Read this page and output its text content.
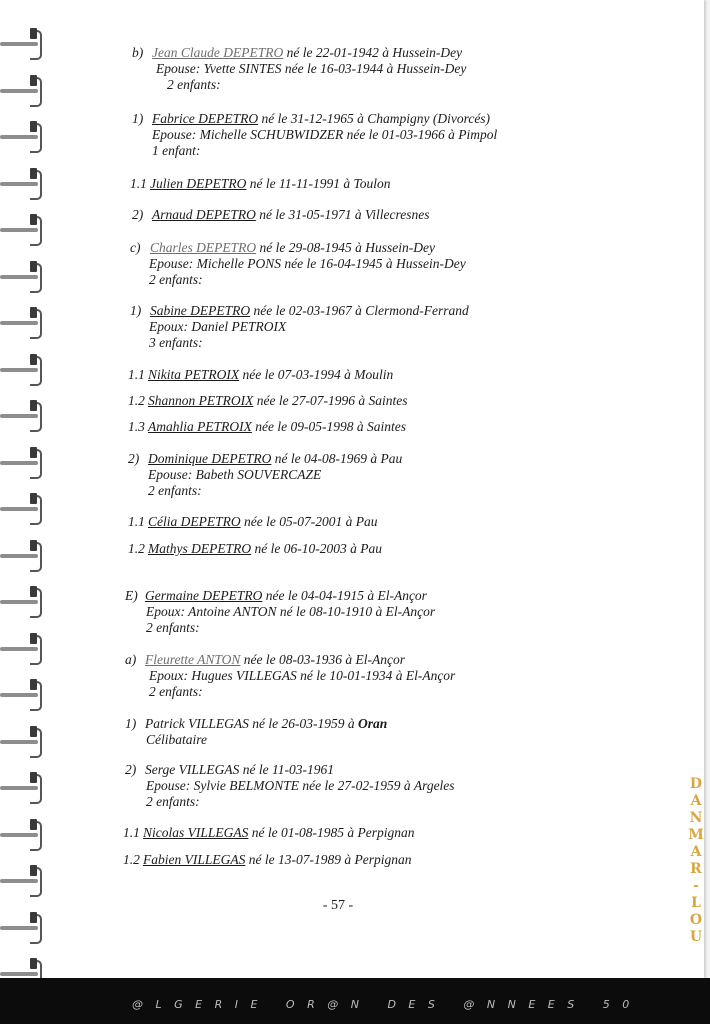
b) Jean Claude DEPETRO né le 22-01-1942 à Hussein-Dey
Epouse: Yvette SINTES née le 16-03-1944 à Hussein-Dey
2 enfants:
1) Fabrice DEPETRO né le 31-12-1965 à Champigny (Divorcés)
Epouse: Michelle SCHUBWIDZER née le 01-03-1966 à Pimpol
1 enfant:
1.1 Julien DEPETRO né le 11-11-1991 à Toulon
2) Arnaud DEPETRO né le 31-05-1971 à Villecresnes
c) Charles DEPETRO né le 29-08-1945 à Hussein-Dey
Epouse: Michelle PONS née le 16-04-1945 à Hussein-Dey
2 enfants:
1) Sabine DEPETRO née le 02-03-1967 à Clermond-Ferrand
Epoux: Daniel PETROIX
3 enfants:
1.1 Nikita PETROIX née le 07-03-1994 à Moulin
1.2 Shannon PETROIX née le 27-07-1996 à Saintes
1.3 Amahlia PETROIX née le 09-05-1998 à Saintes
2) Dominique DEPETRO né le 04-08-1969 à Pau
Epouse: Babeth SOUVERCAZE
2 enfants:
1.1 Célia DEPETRO née le 05-07-2001 à Pau
1.2 Mathys DEPETRO né le 06-10-2003 à Pau
E) Germaine DEPETRO née le 04-04-1915 à El-Ançor
Epoux: Antoine ANTON né le 08-10-1910 à El-Ançor
2 enfants:
a) Fleurette ANTON née le 08-03-1936 à El-Ançor
Epoux: Hugues VILLEGAS né le 10-01-1934 à El-Ançor
2 enfants:
1) Patrick VILLEGAS né le 26-03-1959 à Oran
Célibataire
2) Serge VILLEGAS né le 11-03-1961
Epouse: Sylvie BELMONTE née le 27-02-1959 à Argeles
2 enfants:
1.1 Nicolas VILLEGAS né le 01-08-1985 à Perpignan
1.2 Fabien VILLEGAS né le 13-07-1989 à Perpignan
- 57 -
@LGERIE OR@N DES @NNEES 50
D
A
N
M
A
R
-
L
O
U
